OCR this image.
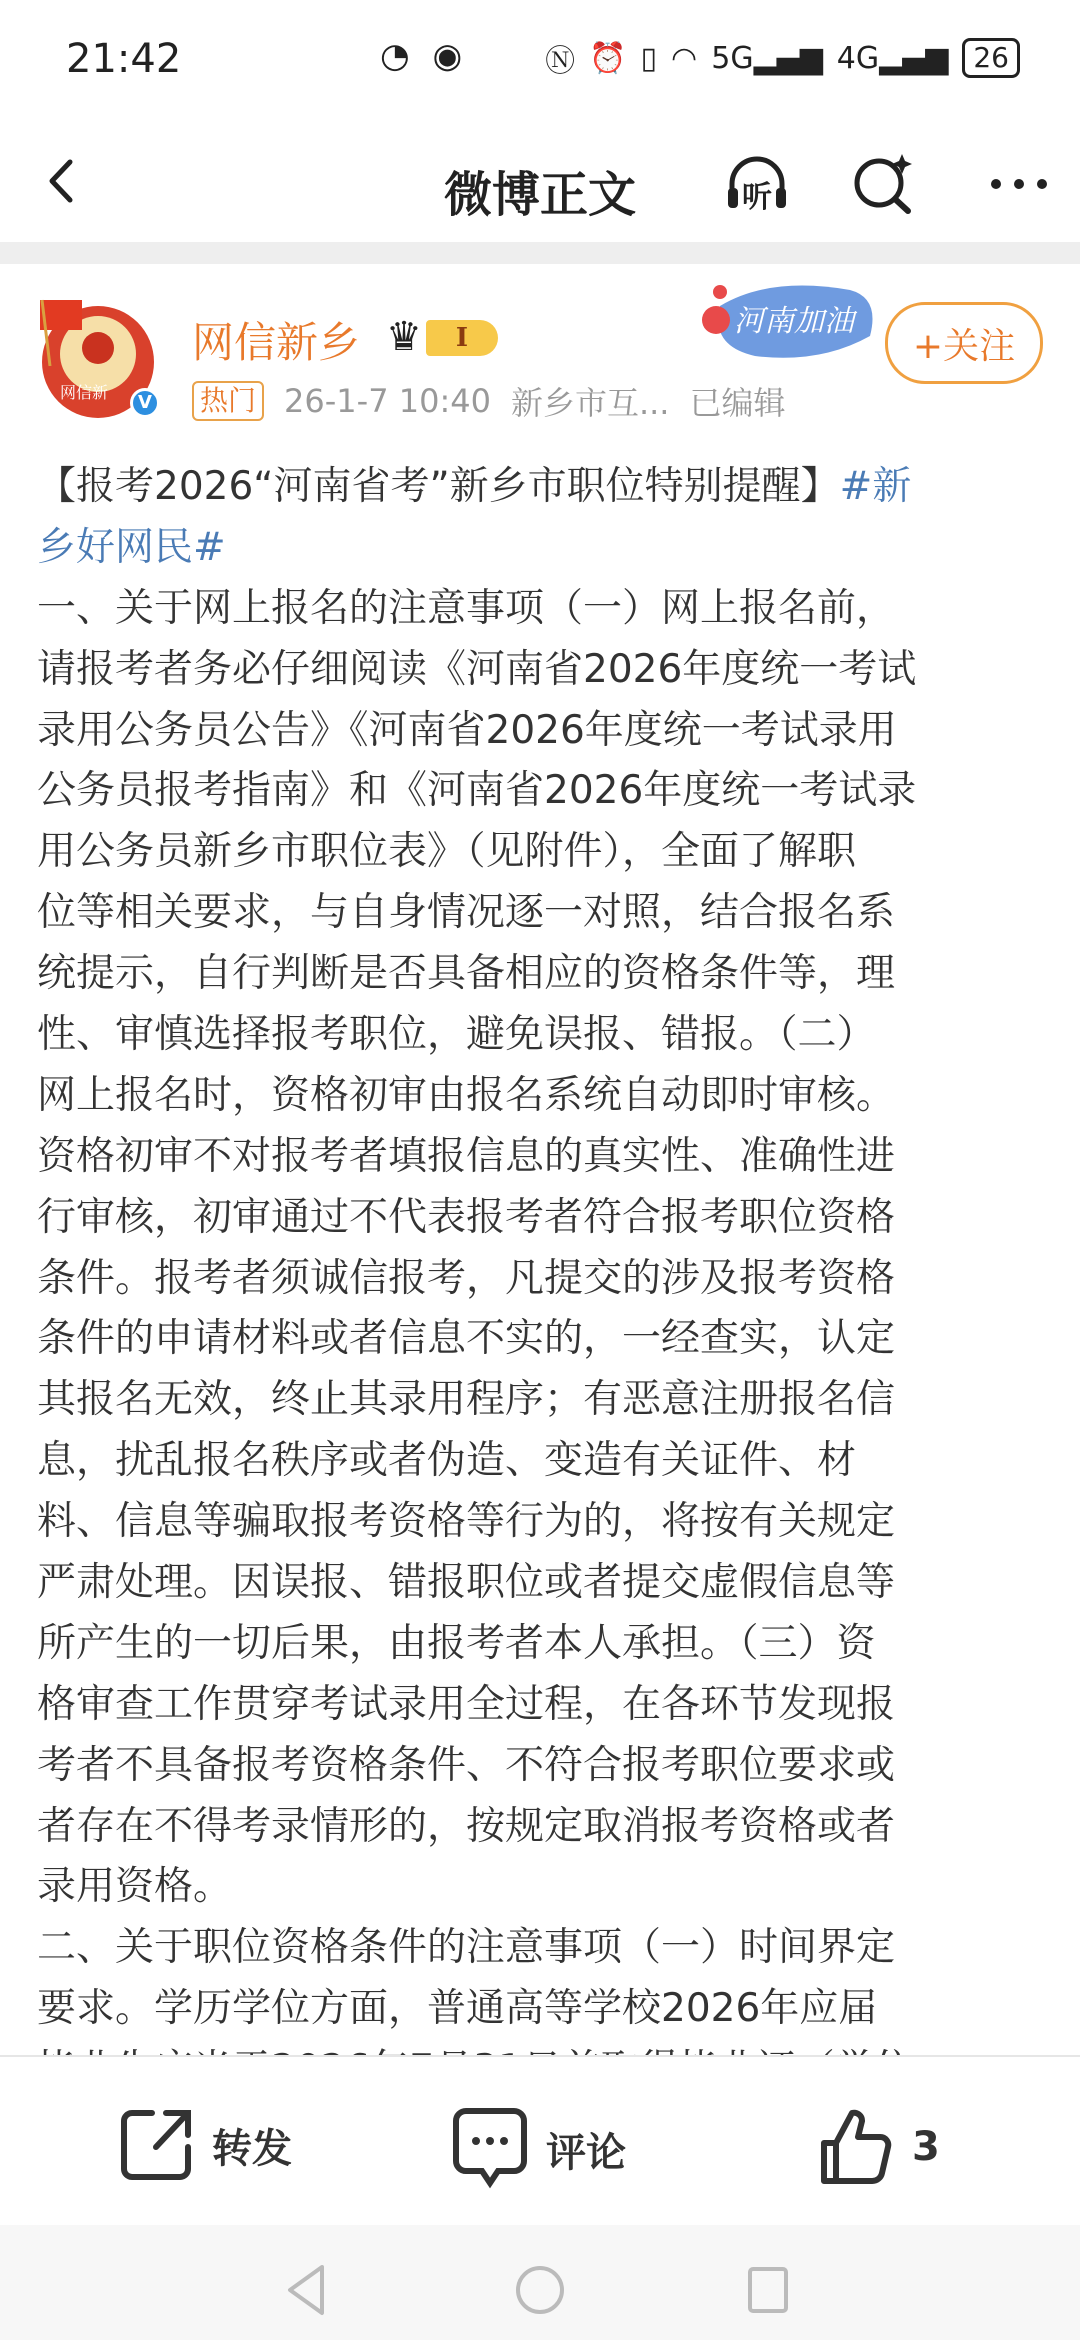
21:42	◔ ◉	Ⓝ ⏰ ▯ ◠ 5G▂▄▆ 4G▂▄▆ 26
微博正文	听
网信新	V
网信新乡 ♛	I
热门 26-1-7 10:40 新乡市互... 已编辑
河南加油
+关注
【报考2026“河南省考”新乡市职位特别提醒】#新
乡好网民#
一、关于网上报名的注意事项（一）网上报名前，
请报考者务必仔细阅读《河南省2026年度统一考试
录用公务员公告》《河南省2026年度统一考试录用
公务员报考指南》和《河南省2026年度统一考试录
用公务员新乡市职位表》（见附件），全面了解职
位等相关要求，与自身情况逐一对照，结合报名系
统提示，自行判断是否具备相应的资格条件等，理
性、审慎选择报考职位，避免误报、错报。（二）
网上报名时，资格初审由报名系统自动即时审核。
资格初审不对报考者填报信息的真实性、准确性进
行审核，初审通过不代表报考者符合报考职位资格
条件。报考者须诚信报考，凡提交的涉及报考资格
条件的申请材料或者信息不实的，一经查实，认定
其报名无效，终止其录用程序；有恶意注册报名信
息，扰乱报名秩序或者伪造、变造有关证件、材
料、信息等骗取报考资格等行为的，将按有关规定
严肃处理。因误报、错报职位或者提交虚假信息等
所产生的一切后果，由报考者本人承担。（三）资
格审查工作贯穿考试录用全过程，在各环节发现报
考者不具备报考资格条件、不符合报考职位要求或
者存在不得考录情形的，按规定取消报考资格或者
录用资格。
二、关于职位资格条件的注意事项（一）时间界定
要求。学历学位方面，普通高等学校2026年应届
转发	评论	3
